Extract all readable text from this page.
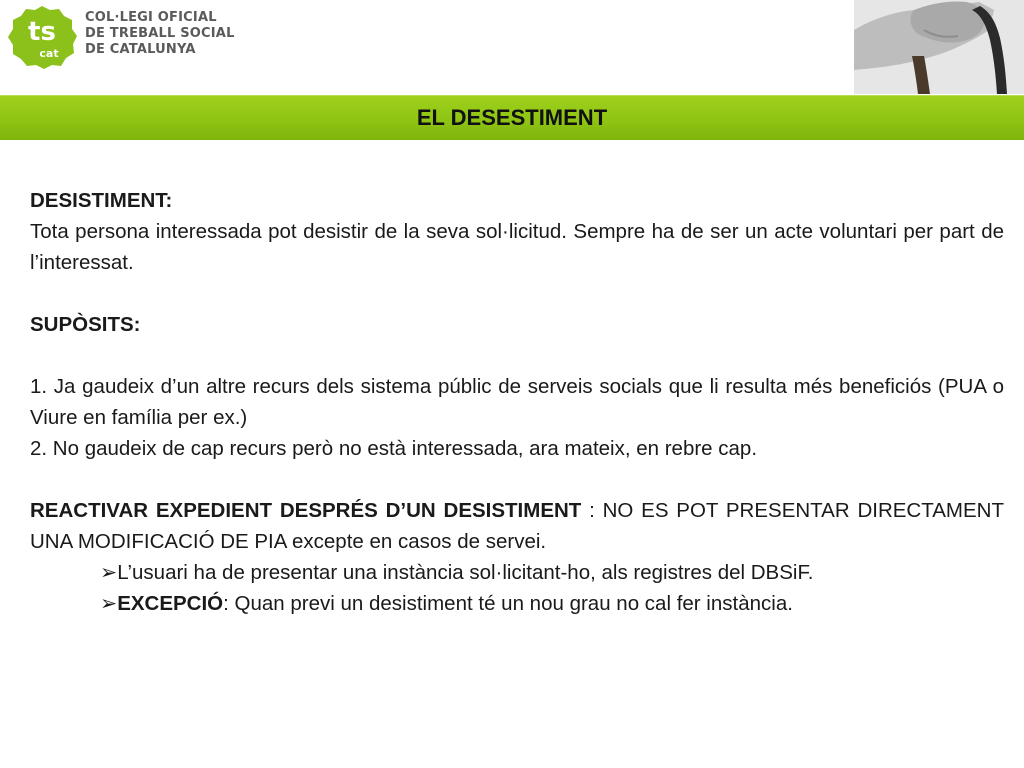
ts
cat
COL·LEGI OFICIAL
DE TREBALL SOCIAL
DE CATALUNYA
EL DESESTIMENT

DESISTIMENT:

Tota persona interessada pot desistir de la seva sol·licitud. Sempre ha de ser un acte voluntari per part de l’interessat.

SUPÒSITS:

1. Ja gaudeix d’un altre recurs dels sistema públic de serveis socials que li resulta més beneficiós (PUA o Viure en família per ex.)

2. No gaudeix de cap recurs però no està interessada, ara mateix, en rebre cap.

REACTIVAR EXPEDIENT DESPRÉS D’UN DESISTIMENT : NO ES POT PRESENTAR DIRECTAMENT UNA MODIFICACIÓ DE PIA excepte en casos de servei.

➢L’usuari ha de presentar una instància sol·licitant-ho, als registres del DBSiF.

➢EXCEPCIÓ: Quan previ un desistiment té un nou grau no cal fer instància.
